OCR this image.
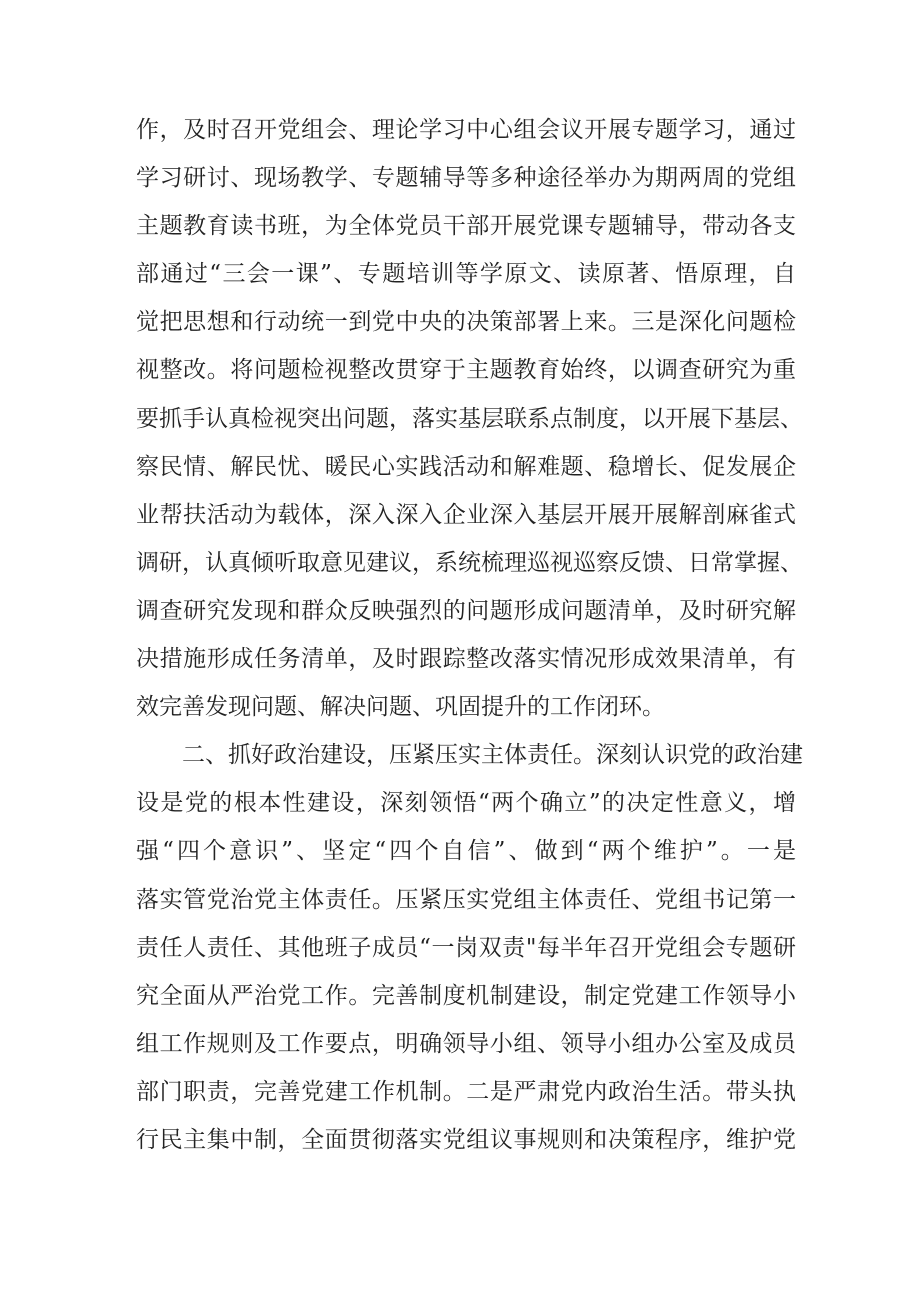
作，及时召开党组会、理论学习中心组会议开展专题学习，通过
学习研讨、现场教学、专题辅导等多种途径举办为期两周的党组
主题教育读书班，为全体党员干部开展党课专题辅导，带动各支
部通过“三会一课”、专题培训等学原文、读原著、悟原理，自
觉把思想和行动统一到党中央的决策部署上来。三是深化问题检
视整改。将问题检视整改贯穿于主题教育始终，以调查研究为重
要抓手认真检视突出问题，落实基层联系点制度，以开展下基层、
察民情、解民忧、暖民心实践活动和解难题、稳增长、促发展企
业帮扶活动为载体，深入深入企业深入基层开展开展解剖麻雀式
调研，认真倾听取意见建议，系统梳理巡视巡察反馈、日常掌握、
调查研究发现和群众反映强烈的问题形成问题清单，及时研究解
决措施形成任务清单，及时跟踪整改落实情况形成效果清单，有
效完善发现问题、解决问题、巩固提升的工作闭环。
二、抓好政治建设，压紧压实主体责任。深刻认识党的政治建
设是党的根本性建设，深刻领悟“两个确立”的决定性意义，增
强“四个意识”、坚定“四个自信”、做到“两个维护”。一是
落实管党治党主体责任。压紧压实党组主体责任、党组书记第一
责任人责任、其他班子成员“一岗双责"每半年召开党组会专题研
究全面从严治党工作。完善制度机制建设，制定党建工作领导小
组工作规则及工作要点，明确领导小组、领导小组办公室及成员
部门职责，完善党建工作机制。二是严肃党内政治生活。带头执
行民主集中制，全面贯彻落实党组议事规则和决策程序，维护党
